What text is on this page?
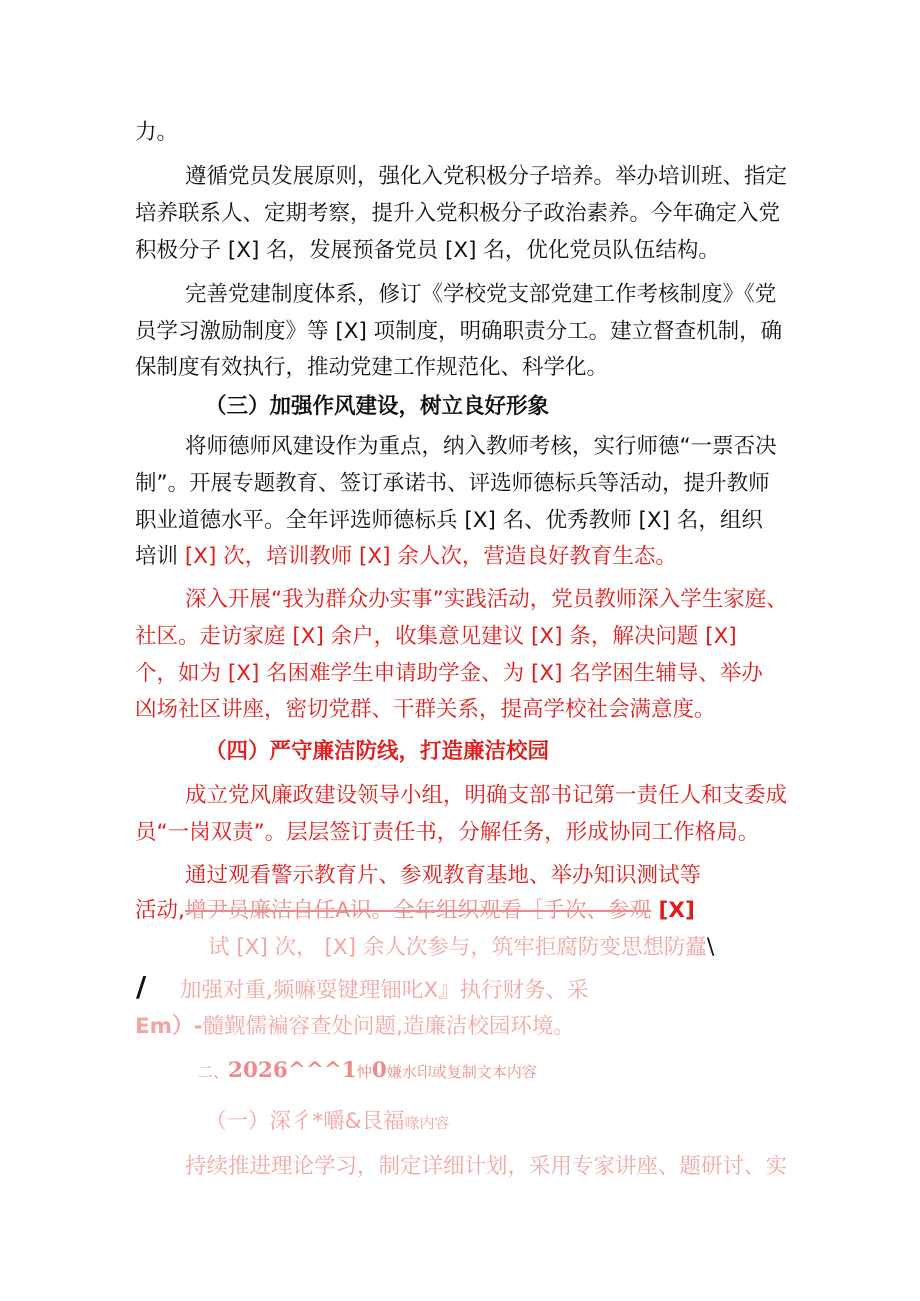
力。
遵循党员发展原则，强化入党积极分子培养。举办培训班、指定
培养联系人、定期考察，提升入党积极分子政治素养。今年确定入党
积极分子 [X] 名，发展预备党员 [X] 名，优化党员队伍结构。
完善党建制度体系，修订《学校党支部党建工作考核制度》《党
员学习激励制度》等 [X] 项制度，明确职责分工。建立督查机制，确
保制度有效执行，推动党建工作规范化、科学化。
（三）加强作风建设，树立良好形象
将师德师风建设作为重点，纳入教师考核，实行师德“一票否决
制”。开展专题教育、签订承诺书、评选师德标兵等活动，提升教师
职业道德水平。全年评选师德标兵 [X] 名、优秀教师 [X] 名，组织
培训 [X] 次，培训教师 [X] 余人次，营造良好教育生态。
深入开展“我为群众办实事”实践活动，党员教师深入学生家庭、
社区。走访家庭 [X] 余户，收集意见建议 [X] 条，解决问题 [X]
个，如为 [X] 名困难学生申请助学金、为 [X] 名学困生辅导、举办
凶场社区讲座，密切党群、干群关系，提高学校社会满意度。
（四）严守廉洁防线，打造廉洁校园
成立党风廉政建设领导小组，明确支部书记第一责任人和支委成
员“一岗双责”。层层签订责任书，分解任务，形成协同工作格局。
通过观看警示教育片、参观教育基地、举办知识测试等
活动,增尹员廉洁自任A识。全年组织观看［手次、参观 [X]
试 [X] 次， [X] 余人次参与，筑牢拒腐防变思想防蠹\
/ 加强对重,频嘛耍键理钿叱X』执行财务、采
Em）-髓觐儒褊容查处问题,造廉洁校园环境。
二、2026^^^1忡0嫌水印或复制文本内容
（一）深彳*嚼&艮福喙内容
持续推进理论学习，制定详细计划，采用专家讲座、题研讨、实
